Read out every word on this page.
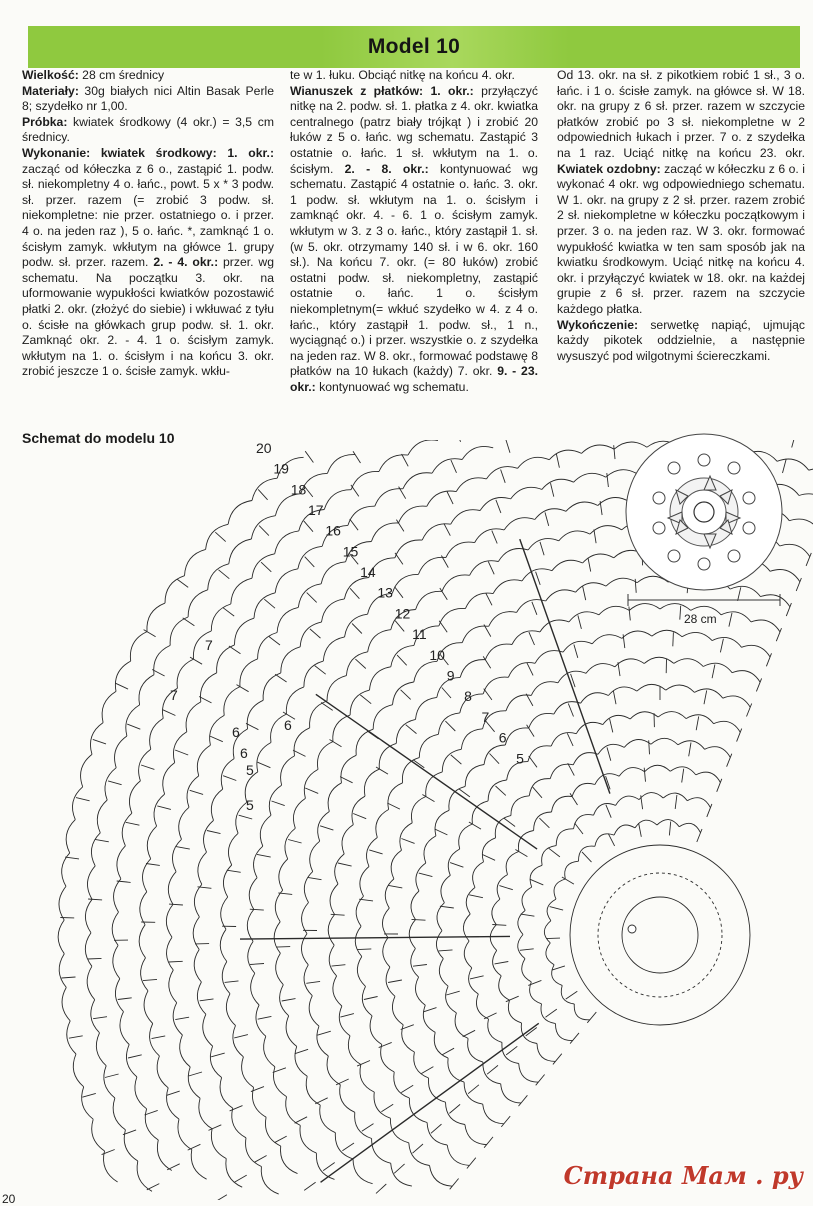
Model 10

Wielkość: 28 cm średnicy

Materiały: 30g białych nici Altin Basak Perle 8; szydełko nr 1,00.

Próbka: kwiatek środkowy (4 okr.) = 3,5 cm średnicy.

Wykonanie: kwiatek środkowy: 1. okr.: zacząć od kółeczka z 6 o., zastąpić 1. podw. sł. niekompletny 4 o. łańc., powt. 5 x * 3 podw. sł. przer. razem (= zrobić 3 podw. sł. niekompletne: nie przer. ostatniego o. i przer. 4 o. na jeden raz ), 5 o. łańc. *, zamknąć 1 o. ścisłym zamyk. wkłutym na główce 1. grupy podw. sł. przer. razem. 2. - 4. okr.: przer. wg schematu. Na początku 3. okr. na uformowanie wypukłości kwiatków pozostawić płatki 2. okr. (złożyć do siebie) i wkłuwać z tyłu o. ścisłe na główkach grup podw. sł. 1. okr. Zamknąć okr. 2. - 4. 1 o. ścisłym zamyk. wkłutym na 1. o. ścisłym i na końcu 3. okr. zrobić jeszcze 1 o. ścisłe zamyk. wkłu-

te w 1. łuku. Obciąć nitkę na końcu 4. okr.

Wianuszek z płatków: 1. okr.: przyłączyć nitkę na 2. podw. sł. 1. płatka z 4. okr. kwiatka centralnego (patrz biały trójkąt ) i zrobić 20 łuków z 5 o. łańc. wg schematu. Zastąpić 3 ostatnie o. łańc. 1 sł. wkłutym na 1. o. ścisłym. 2. - 8. okr.: kontynuować wg schematu. Zastąpić 4 ostatnie o. łańc. 3. okr. 1 podw. sł. wkłutym na 1. o. ścisłym i zamknąć okr. 4. - 6. 1 o. ścisłym zamyk. wkłutym w 3. z 3 o. łańc., który zastąpił 1. sł. (w 5. okr. otrzymamy 140 sł. i w 6. okr. 160 sł.). Na końcu 7. okr. (= 80 łuków) zrobić ostatni podw. sł. niekompletny, zastąpić ostatnie o. łańc. 1 o. ścisłym niekompletnym(= wkłuć szydełko w 4. z 4 o. łańc., który zastąpił 1. podw. sł., 1 n., wyciągnąć o.) i przer. wszystkie o. z szydełka na jeden raz. W 8. okr., formować podstawę 8 płatków na 10 łukach (każdy) 7. okr. 9. - 23. okr.: kontynuować wg schematu.

Od 13. okr. na sł. z pikotkiem robić 1 sł., 3 o. łańc. i 1 o. ścisłe zamyk. na główce sł. W 18. okr. na grupy z 6 sł. przer. razem w szczycie płatków zrobić po 3 sł. niekompletne w 2 odpowiednich łukach i przer. 7 o. z szydełka na 1 raz. Uciąć nitkę na końcu 23. okr. Kwiatek ozdobny: zacząć w kółeczku z 6 o. i wykonać 4 okr. wg odpowiedniego schematu. W 1. okr. na grupy z 2 sł. przer. razem zrobić 2 sł. niekompletne w kółeczku początkowym i przer. 3 o. na jeden raz. W 3. okr. formować wypukłość kwiatka w ten sam sposób jak na kwiatku środkowym. Uciąć nitkę na końcu 4. okr. i przyłączyć kwiatek w 18. okr. na każdej grupie z 6 sł. przer. razem na szczycie każdego płatka.

Wykończenie: serwetkę napiąć, ujmując każdy pikotek oddzielnie, a następnie wysuszyć pod wilgotnymi ściereczkami.

Schemat do modelu 10
20
19
18
17
16
15
14
13
12
11
10
9
8
7
6
5
7
7
6
6
6
5
5
28 cm
Страна Мам . ру
20
